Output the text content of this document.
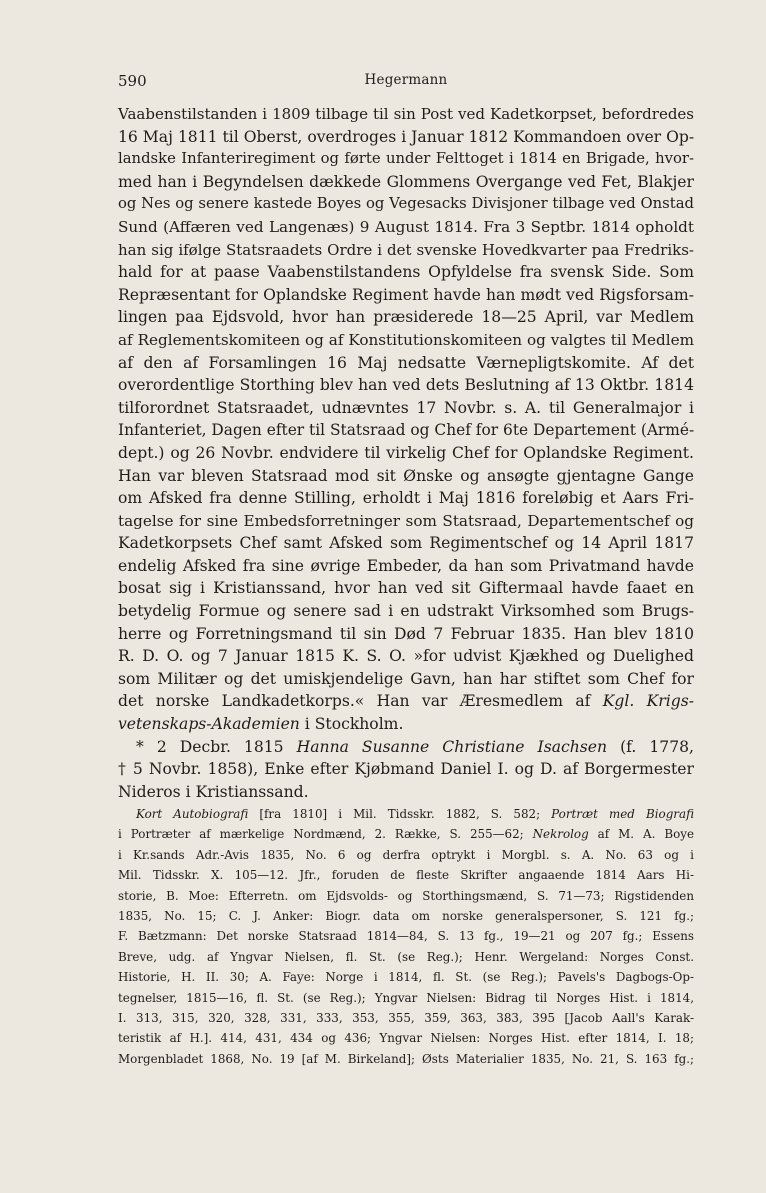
590	Hegermann
Vaabenstilstanden i 1809 tilbage til sin Post ved Kadetkorpset, befordredes
16 Maj 1811 til Oberst, overdroges i Januar 1812 Kommandoen over Op-
landske Infanteriregiment og førte under Felttoget i 1814 en Brigade, hvor-
med han i Begyndelsen dækkede Glommens Overgange ved Fet, Blakjer
og Nes og senere kastede Boyes og Vegesacks Divisjoner tilbage ved Onstad
Sund (Affæren ved Langenæs) 9 August 1814. Fra 3 Septbr. 1814 opholdt
han sig ifølge Statsraadets Ordre i det svenske Hovedkvarter paa Fredriks-
hald for at paase Vaabenstilstandens Opfyldelse fra svensk Side. Som
Repræsentant for Oplandske Regiment havde han mødt ved Rigsforsam-
lingen paa Ejdsvold, hvor han præsiderede 18—25 April, var Medlem
af Reglementskomiteen og af Konstitutionskomiteen og valgtes til Medlem
af den af Forsamlingen 16 Maj nedsatte Værnepligtskomite. Af det
overordentlige Storthing blev han ved dets Beslutning af 13 Oktbr. 1814
tilforordnet Statsraadet, udnævntes 17 Novbr. s. A. til Generalmajor i
Infanteriet, Dagen efter til Statsraad og Chef for 6te Departement (Armé-
dept.) og 26 Novbr. endvidere til virkelig Chef for Oplandske Regiment.
Han var bleven Statsraad mod sit Ønske og ansøgte gjentagne Gange
om Afsked fra denne Stilling, erholdt i Maj 1816 foreløbig et Aars Fri-
tagelse for sine Embedsforretninger som Statsraad, Departementschef og
Kadetkorpsets Chef samt Afsked som Regimentschef og 14 April 1817
endelig Afsked fra sine øvrige Embeder, da han som Privatmand havde
bosat sig i Kristianssand, hvor han ved sit Giftermaal havde faaet en
betydelig Formue og senere sad i en udstrakt Virksomhed som Brugs-
herre og Forretningsmand til sin Død 7 Februar 1835. Han blev 1810
R. D. O. og 7 Januar 1815 K. S. O. »for udvist Kjækhed og Duelighed
som Militær og det umiskjendelige Gavn, han har stiftet som Chef for
det norske Landkadetkorps.« Han var Æresmedlem af Kgl. Krigs-
vetenskaps-Akademien i Stockholm.
* 2 Decbr. 1815 Hanna Susanne Christiane Isachsen (f. 1778,
† 5 Novbr. 1858), Enke efter Kjøbmand Daniel I. og D. af Borgermester
Nideros i Kristianssand.
Kort Autobiografi [fra 1810] i Mil. Tidsskr. 1882, S. 582; Portræt med Biografi
i Portræter af mærkelige Nordmænd, 2. Række, S. 255—62; Nekrolog af M. A. Boye
i Kr.sands Adr.-Avis 1835, No. 6 og derfra optrykt i Morgbl. s. A. No. 63 og i
Mil. Tidsskr. X. 105—12. Jfr., foruden de fleste Skrifter angaaende 1814 Aars Hi-
storie, B. Moe: Efterretn. om Ejdsvolds- og Storthingsmænd, S. 71—73; Rigstidenden
1835, No. 15; C. J. Anker: Biogr. data om norske generalspersoner, S. 121 fg.;
F. Bætzmann: Det norske Statsraad 1814—84, S. 13 fg., 19—21 og 207 fg.; Essens
Breve, udg. af Yngvar Nielsen, fl. St. (se Reg.); Henr. Wergeland: Norges Const.
Historie, H. II. 30; A. Faye: Norge i 1814, fl. St. (se Reg.); Pavels's Dagbogs-Op-
tegnelser, 1815—16, fl. St. (se Reg.); Yngvar Nielsen: Bidrag til Norges Hist. i 1814,
I. 313, 315, 320, 328, 331, 333, 353, 355, 359, 363, 383, 395 [Jacob Aall's Karak-
teristik af H.]. 414, 431, 434 og 436; Yngvar Nielsen: Norges Hist. efter 1814, I. 18;
Morgenbladet 1868, No. 19 [af M. Birkeland]; Østs Materialier 1835, No. 21, S. 163 fg.;
